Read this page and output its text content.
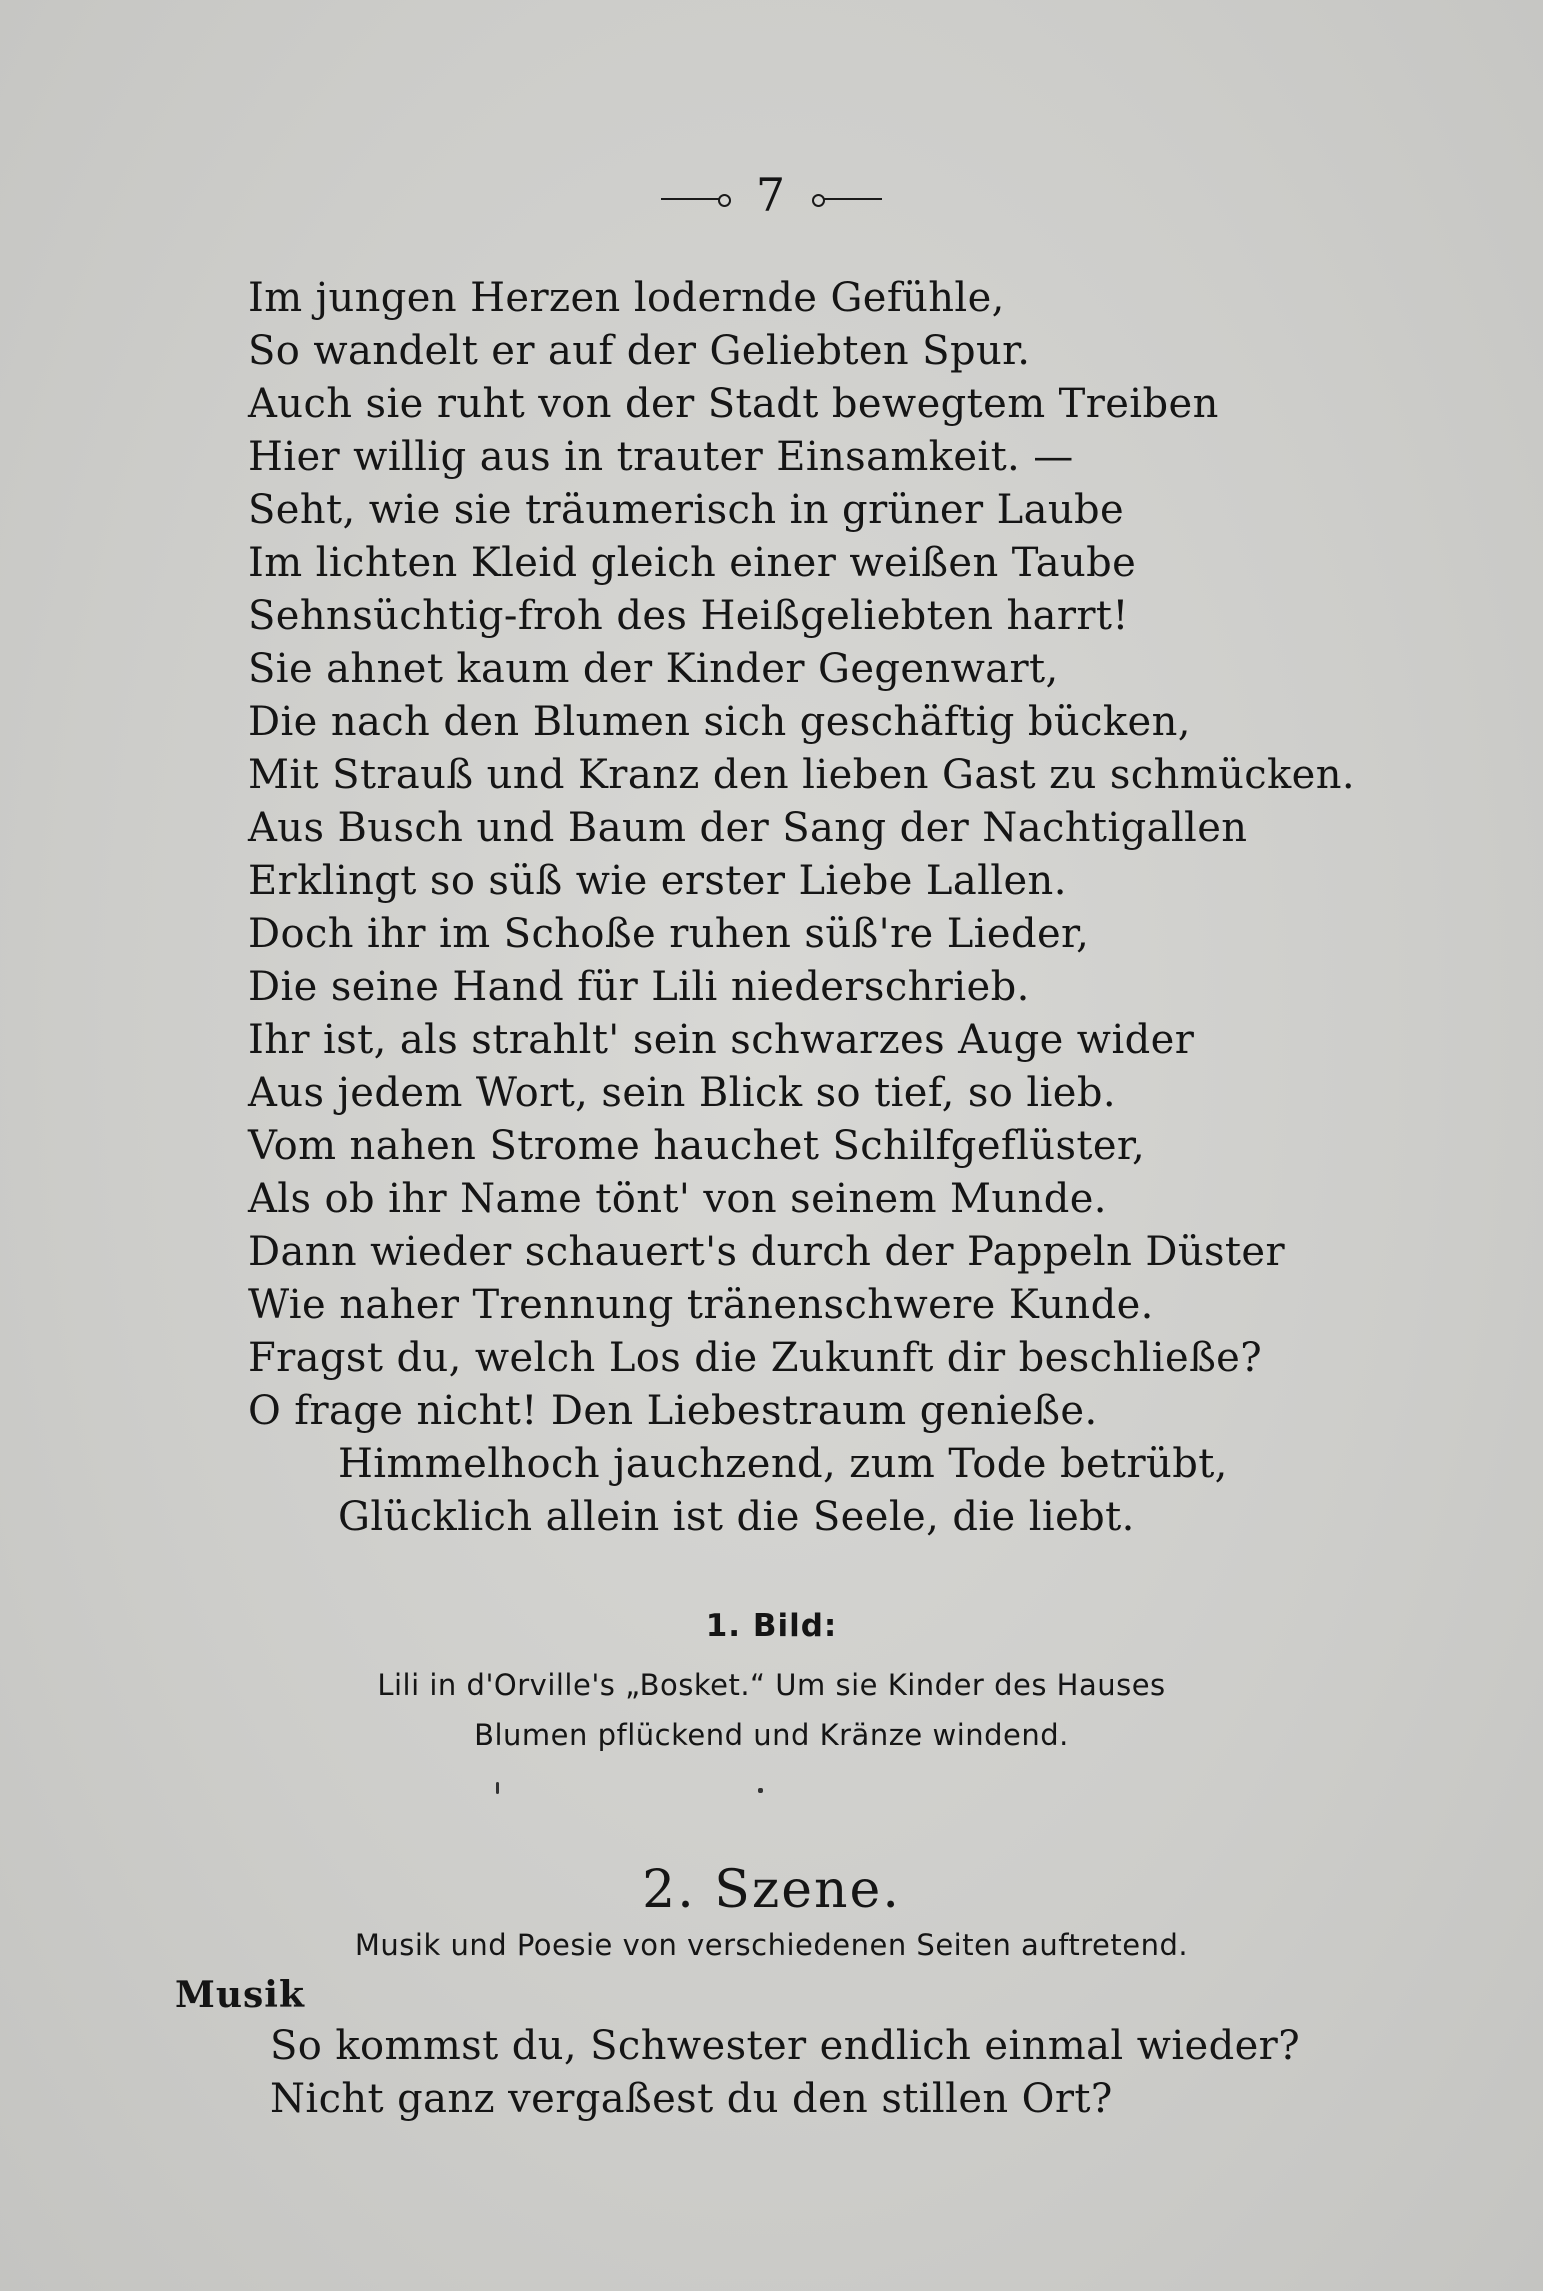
7
Im jungen Herzen lodernde Gefühle,
So wandelt er auf der Geliebten Spur.
Auch sie ruht von der Stadt bewegtem Treiben
Hier willig aus in trauter Einsamkeit. —
Seht, wie sie träumerisch in grüner Laube
Im lichten Kleid gleich einer weißen Taube
Sehnsüchtig-froh des Heißgeliebten harrt!
Sie ahnet kaum der Kinder Gegenwart,
Die nach den Blumen sich geschäftig bücken,
Mit Strauß und Kranz den lieben Gast zu schmücken.
Aus Busch und Baum der Sang der Nachtigallen
Erklingt so süß wie erster Liebe Lallen.
Doch ihr im Schoße ruhen süß're Lieder,
Die seine Hand für Lili niederschrieb.
Ihr ist, als strahlt' sein schwarzes Auge wider
Aus jedem Wort, sein Blick so tief, so lieb.
Vom nahen Strome hauchet Schilfgeflüster,
Als ob ihr Name tönt' von seinem Munde.
Dann wieder schauert's durch der Pappeln Düster
Wie naher Trennung tränenschwere Kunde.
Fragst du, welch Los die Zukunft dir beschließe?
O frage nicht! Den Liebestraum genieße.
Himmelhoch jauchzend, zum Tode betrübt,
Glücklich allein ist die Seele, die liebt.
1. Bild:
Lili in d'Orville's „Bosket.“ Um sie Kinder des Hauses
Blumen pflückend und Kränze windend.
2. Szene.
Musik und Poesie von verschiedenen Seiten auftretend.
Musik
So kommst du, Schwester endlich einmal wieder?
Nicht ganz vergaßest du den stillen Ort?
